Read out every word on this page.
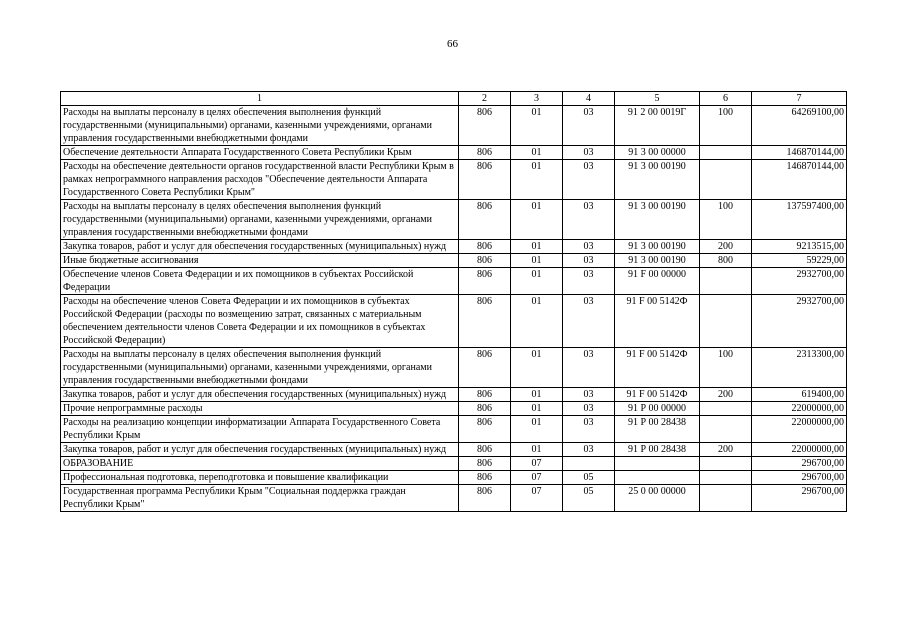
66
1	2	3	4	5	6	7
Расходы на выплаты персоналу в целях обеспечения выполнения функций государственными (муниципальными) органами, казенными учреждениями, органами управления государственными внебюджетными фондами	806	01	03	91 2 00 0019Г	100	64269100,00
Обеспечение деятельности Аппарата Государственного Совета Республики Крым	806	01	03	91 3 00 00000		146870144,00
Расходы на обеспечение деятельности органов государственной власти Республики Крым в рамках непрограммного направления расходов "Обеспечение деятельности Аппарата Государственного Совета Республики Крым"	806	01	03	91 3 00 00190		146870144,00
Расходы на выплаты персоналу в целях обеспечения выполнения функций государственными (муниципальными) органами, казенными учреждениями, органами управления государственными внебюджетными фондами	806	01	03	91 3 00 00190	100	137597400,00
Закупка товаров, работ и услуг для обеспечения государственных (муниципальных) нужд	806	01	03	91 3 00 00190	200	9213515,00
Иные бюджетные ассигнования	806	01	03	91 3 00 00190	800	59229,00
Обеспечение членов Совета Федерации и их помощников в субъектах Российской Федерации	806	01	03	91 F 00 00000		2932700,00
Расходы на обеспечение членов Совета Федерации и их помощников в субъектах Российской Федерации (расходы по возмещению затрат, связанных с материальным обеспечением деятельности членов Совета Федерации и их помощников в субъектах Российской Федерации)	806	01	03	91 F 00 5142Ф		2932700,00
Расходы на выплаты персоналу в целях обеспечения выполнения функций государственными (муниципальными) органами, казенными учреждениями, органами управления государственными внебюджетными фондами	806	01	03	91 F 00 5142Ф	100	2313300,00
Закупка товаров, работ и услуг для обеспечения государственных (муниципальных) нужд	806	01	03	91 F 00 5142Ф	200	619400,00
Прочие непрограммные расходы	806	01	03	91 Р 00 00000		22000000,00
Расходы на реализацию концепции информатизации Аппарата Государственного Совета Республики Крым	806	01	03	91 Р 00 28438		22000000,00
Закупка товаров, работ и услуг для обеспечения государственных (муниципальных) нужд	806	01	03	91 Р 00 28438	200	22000000,00
ОБРАЗОВАНИЕ	806	07				296700,00
Профессиональная подготовка, переподготовка и повышение квалификации	806	07	05			296700,00
Государственная программа Республики Крым "Социальная поддержка граждан Республики Крым"	806	07	05	25 0 00 00000		296700,00
